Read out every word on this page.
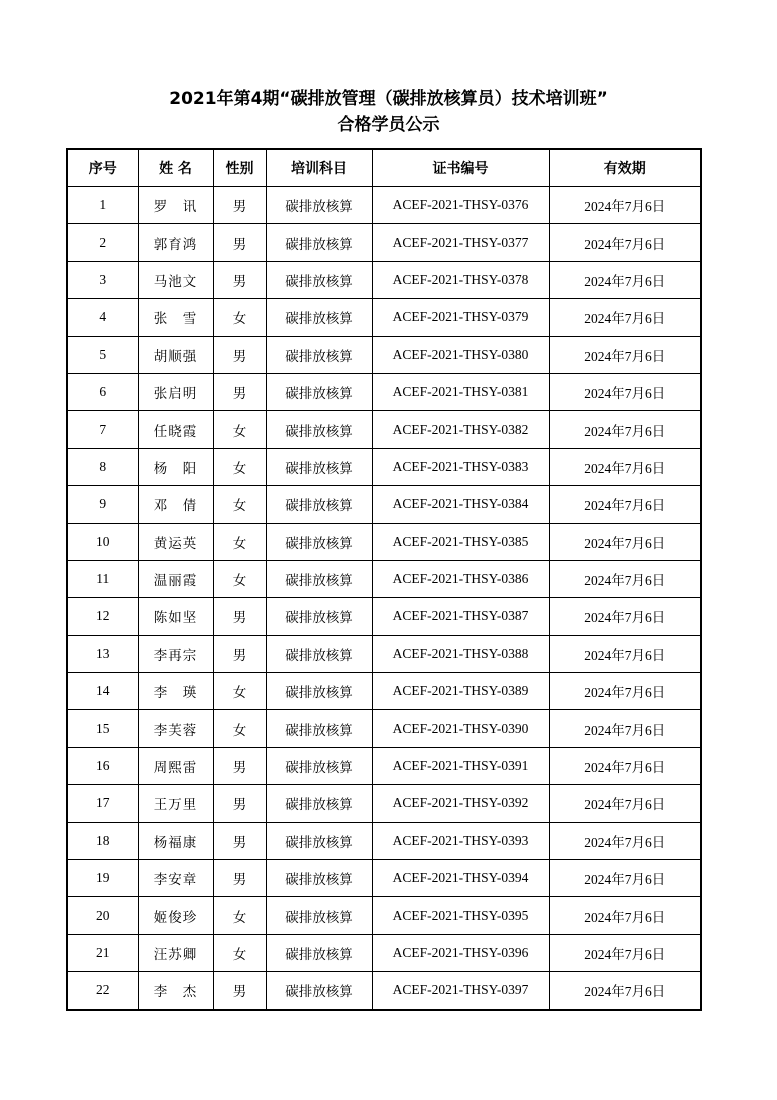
2021年第4期“碳排放管理（碳排放核算员）技术培训班”
合格学员公示
序号	姓 名	性别	培训科目	证书编号	有效期
1	罗　讯	男	碳排放核算	ACEF-2021-THSY-0376	2024年7月6日
2	郭育鸿	男	碳排放核算	ACEF-2021-THSY-0377	2024年7月6日
3	马池文	男	碳排放核算	ACEF-2021-THSY-0378	2024年7月6日
4	张　雪	女	碳排放核算	ACEF-2021-THSY-0379	2024年7月6日
5	胡顺强	男	碳排放核算	ACEF-2021-THSY-0380	2024年7月6日
6	张启明	男	碳排放核算	ACEF-2021-THSY-0381	2024年7月6日
7	任晓霞	女	碳排放核算	ACEF-2021-THSY-0382	2024年7月6日
8	杨　阳	女	碳排放核算	ACEF-2021-THSY-0383	2024年7月6日
9	邓　倩	女	碳排放核算	ACEF-2021-THSY-0384	2024年7月6日
10	黄运英	女	碳排放核算	ACEF-2021-THSY-0385	2024年7月6日
11	温丽霞	女	碳排放核算	ACEF-2021-THSY-0386	2024年7月6日
12	陈如坚	男	碳排放核算	ACEF-2021-THSY-0387	2024年7月6日
13	李再宗	男	碳排放核算	ACEF-2021-THSY-0388	2024年7月6日
14	李　瑛	女	碳排放核算	ACEF-2021-THSY-0389	2024年7月6日
15	李芙蓉	女	碳排放核算	ACEF-2021-THSY-0390	2024年7月6日
16	周熙雷	男	碳排放核算	ACEF-2021-THSY-0391	2024年7月6日
17	王万里	男	碳排放核算	ACEF-2021-THSY-0392	2024年7月6日
18	杨福康	男	碳排放核算	ACEF-2021-THSY-0393	2024年7月6日
19	李安章	男	碳排放核算	ACEF-2021-THSY-0394	2024年7月6日
20	姬俊珍	女	碳排放核算	ACEF-2021-THSY-0395	2024年7月6日
21	汪苏卿	女	碳排放核算	ACEF-2021-THSY-0396	2024年7月6日
22	李　杰	男	碳排放核算	ACEF-2021-THSY-0397	2024年7月6日
